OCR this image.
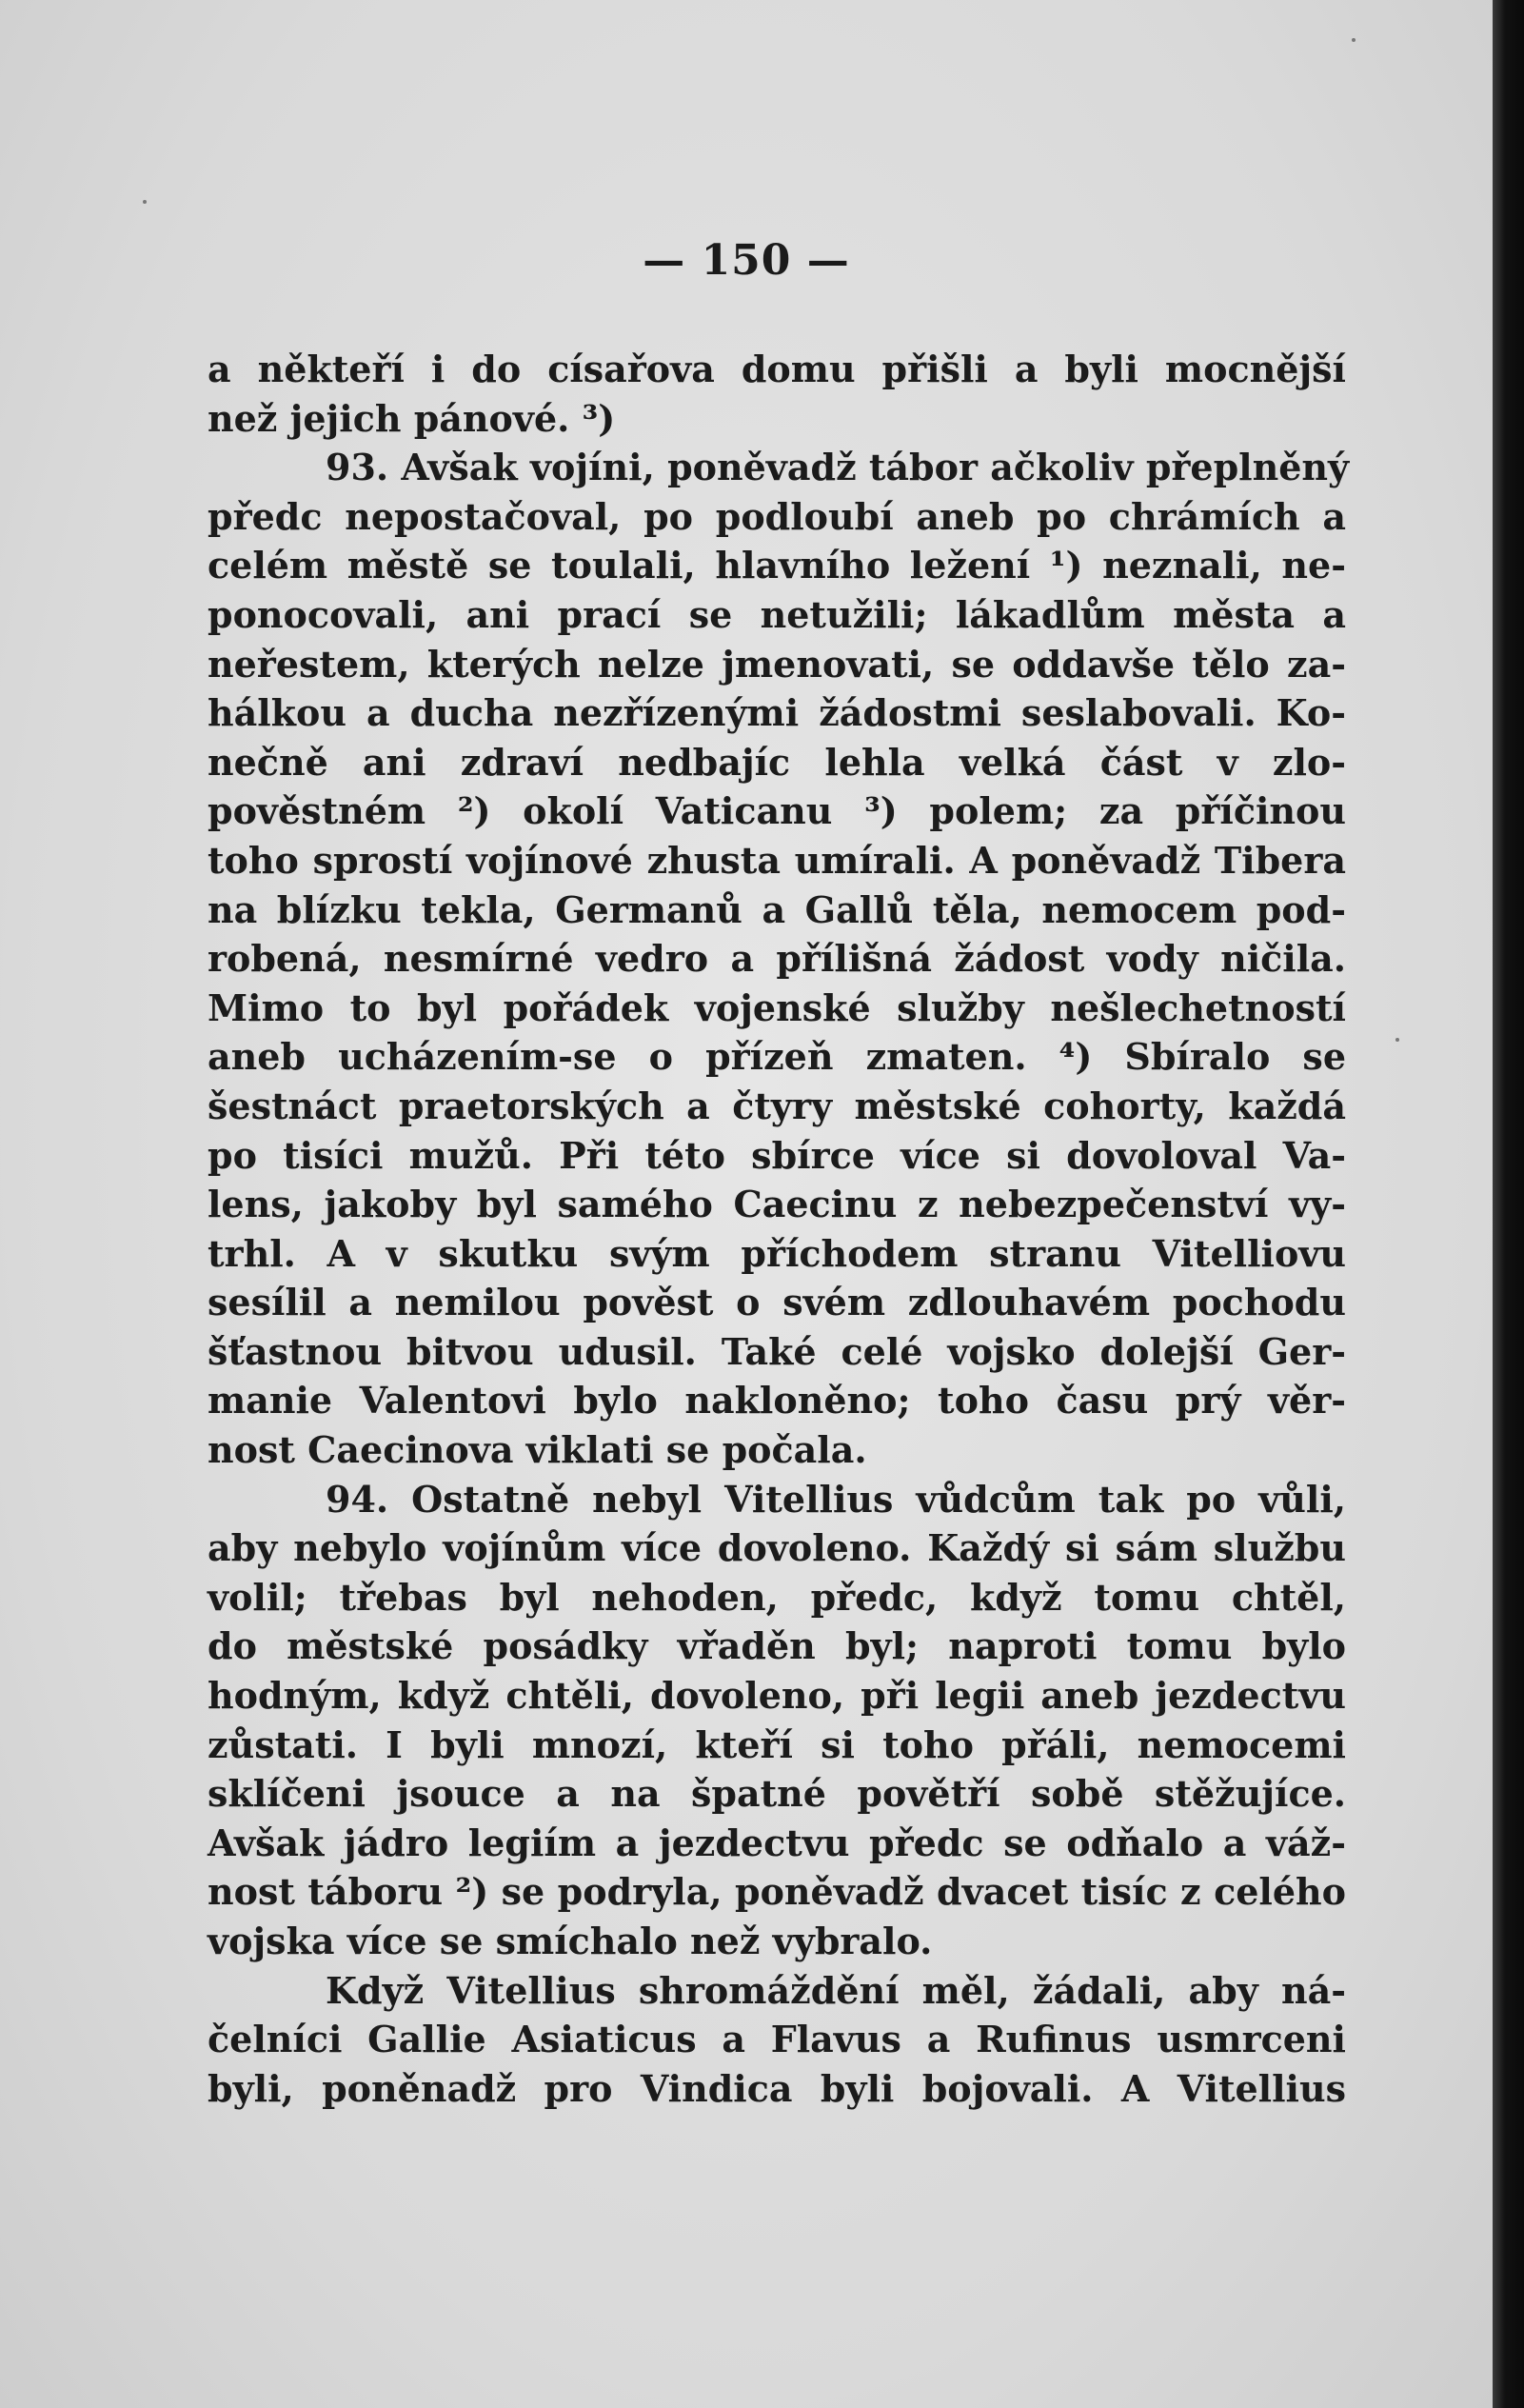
— 150 —
a někteří i do císařova domu přišli a byli mocnější
než jejich pánové. ³)
93. Avšak vojíni, poněvadž tábor ačkoliv přeplněný
předc nepostačoval, po podloubí aneb po chrámích a
celém městě se toulali, hlavního ležení ¹) neznali, ne-
ponocovali, ani prací se netužili; lákadlům města a
neřestem, kterých nelze jmenovati, se oddavše tělo za-
hálkou a ducha nezřízenými žádostmi seslabovali. Ko-
nečně ani zdraví nedbajíc lehla velká část v zlo-
pověstném ²) okolí Vaticanu ³) polem; za příčinou
toho sprostí vojínové zhusta umírali. A poněvadž Tibera
na blízku tekla, Germanů a Gallů těla, nemocem pod-
robená, nesmírné vedro a přílišná žádost vody ničila.
Mimo to byl pořádek vojenské služby nešlechetností
aneb ucházením-se o přízeň zmaten. ⁴) Sbíralo se
šestnáct praetorských a čtyry městské cohorty, každá
po tisíci mužů. Při této sbírce více si dovoloval Va-
lens, jakoby byl samého Caecinu z nebezpečenství vy-
trhl. A v skutku svým příchodem stranu Vitelliovu
sesílil a nemilou pověst o svém zdlouhavém pochodu
šťastnou bitvou udusil. Také celé vojsko dolejší Ger-
manie Valentovi bylo nakloněno; toho času prý věr-
nost Caecinova viklati se počala.
94. Ostatně nebyl Vitellius vůdcům tak po vůli,
aby nebylo vojínům více dovoleno. Každý si sám službu
volil; třebas byl nehoden, předc, když tomu chtěl,
do městské posádky vřaděn byl; naproti tomu bylo
hodným, když chtěli, dovoleno, při legii aneb jezdectvu
zůstati. I byli mnozí, kteří si toho přáli, nemocemi
sklíčeni jsouce a na špatné povětří sobě stěžujíce.
Avšak jádro legiím a jezdectvu předc se odňalo a váž-
nost táboru ²) se podryla, poněvadž dvacet tisíc z celého
vojska více se smíchalo než vybralo.
Když Vitellius shromáždění měl, žádali, aby ná-
čelníci Gallie Asiaticus a Flavus a Rufinus usmrceni
byli, poněnadž pro Vindica byli bojovali. A Vitellius
